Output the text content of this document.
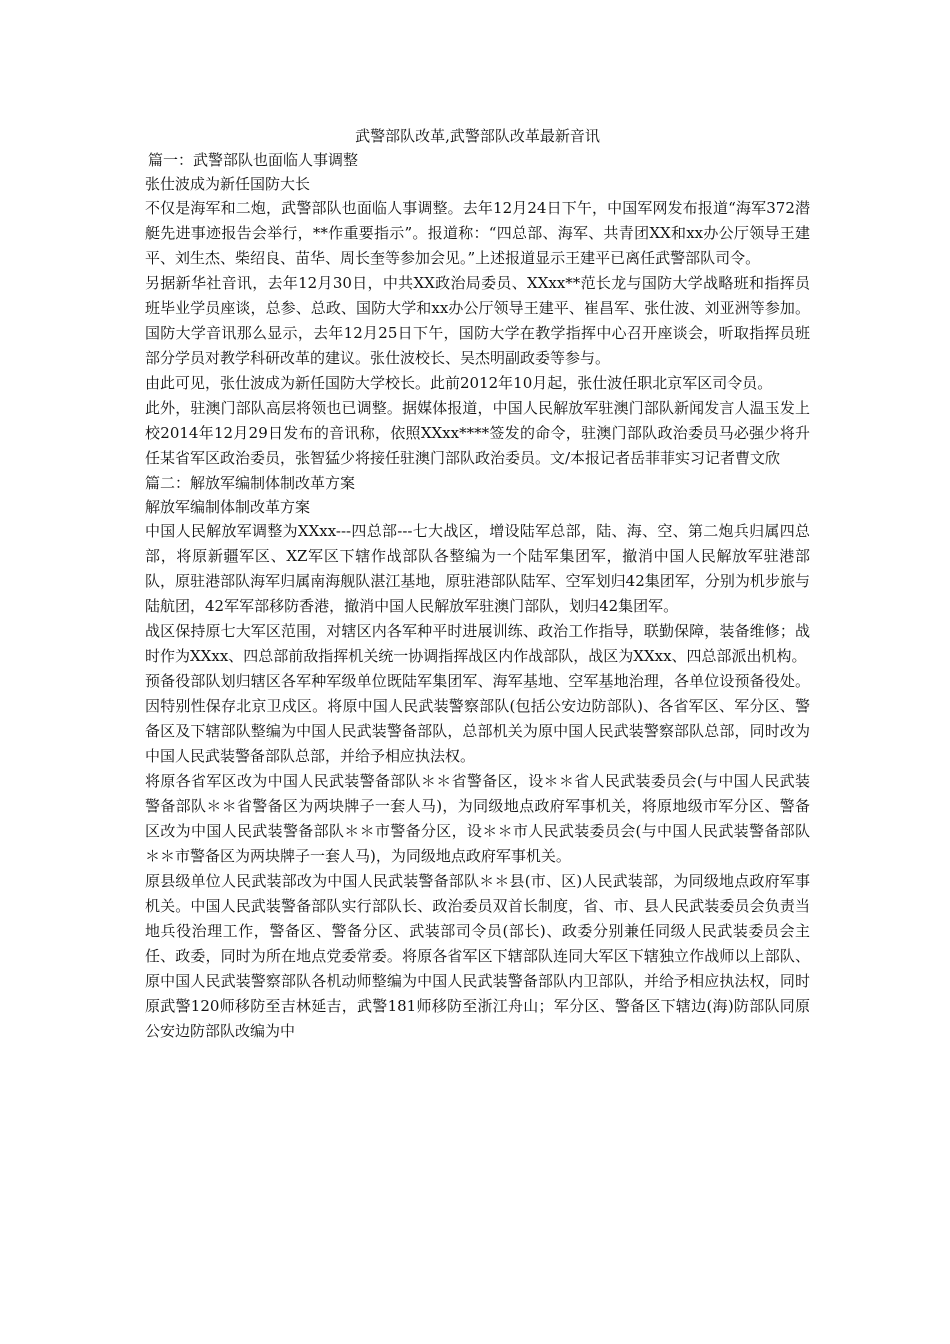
武警部队改革,武警部队改革最新音讯
篇一：武警部队也面临人事调整
张仕波成为新任国防大长
不仅是海军和二炮，武警部队也面临人事调整。去年12月24日下午，中国军网发布报道“海军372潜艇先进事迹报告会举行，**作重要指示”。报道称：“四总部、海军、共青团XX和xx办公厅领导王建平、刘生杰、柴绍良、苗华、周长奎等参加会见。”上述报道显示王建平已离任武警部队司令。
另据新华社音讯，去年12月30日，中共XX政治局委员、XXxx**范长龙与国防大学战略班和指挥员班毕业学员座谈，总参、总政、国防大学和xx办公厅领导王建平、崔昌军、张仕波、刘亚洲等参加。国防大学音讯那么显示，去年12月25日下午，国防大学在教学指挥中心召开座谈会，听取指挥员班部分学员对教学科研改革的建议。张仕波校长、吴杰明副政委等参与。
由此可见，张仕波成为新任国防大学校长。此前2012年10月起，张仕波任职北京军区司令员。
此外，驻澳门部队高层将领也已调整。据媒体报道，中国人民解放军驻澳门部队新闻发言人温玉发上校2014年12月29日发布的音讯称，依照XXxx****签发的命令，驻澳门部队政治委员马必强少将升任某省军区政治委员，张智猛少将接任驻澳门部队政治委员。文/本报记者岳菲菲实习记者曹文欣
篇二：解放军编制体制改革方案
解放军编制体制改革方案
中国人民解放军调整为XXxx---四总部---七大战区，增设陆军总部，陆、海、空、第二炮兵归属四总部，将原新疆军区、XZ军区下辖作战部队各整编为一个陆军集团军，撤消中国人民解放军驻港部队，原驻港部队海军归属南海舰队湛江基地，原驻港部队陆军、空军划归42集团军，分别为机步旅与陆航团，42军军部移防香港，撤消中国人民解放军驻澳门部队，划归42集团军。
战区保持原七大军区范围，对辖区内各军种平时进展训练、政治工作指导，联勤保障，装备维修；战时作为XXxx、四总部前敌指挥机关统一协调指挥战区内作战部队，战区为XXxx、四总部派出机构。
预备役部队划归辖区各军种军级单位既陆军集团军、海军基地、空军基地治理，各单位设预备役处。因特别性保存北京卫戍区。将原中国人民武装警察部队(包括公安边防部队)、各省军区、军分区、警备区及下辖部队整编为中国人民武装警备部队，总部机关为原中国人民武装警察部队总部，同时改为中国人民武装警备部队总部，并给予相应执法权。
将原各省军区改为中国人民武装警备部队＊＊省警备区，设＊＊省人民武装委员会(与中国人民武装警备部队＊＊省警备区为两块牌子一套人马)，为同级地点政府军事机关，将原地级市军分区、警备区改为中国人民武装警备部队＊＊市警备分区，设＊＊市人民武装委员会(与中国人民武装警备部队＊＊市警备区为两块牌子一套人马)，为同级地点政府军事机关。
原县级单位人民武装部改为中国人民武装警备部队＊＊县(市、区)人民武装部，为同级地点政府军事机关。中国人民武装警备部队实行部队长、政治委员双首长制度，省、市、县人民武装委员会负责当地兵役治理工作，警备区、警备分区、武装部司令员(部长)、政委分别兼任同级人民武装委员会主任、政委，同时为所在地点党委常委。将原各省军区下辖部队连同大军区下辖独立作战师以上部队、原中国人民武装警察部队各机动师整编为中国人民武装警备部队内卫部队，并给予相应执法权，同时原武警120师移防至吉林延吉，武警181师移防至浙江舟山；军分区、警备区下辖边(海)防部队同原公安边防部队改编为中
